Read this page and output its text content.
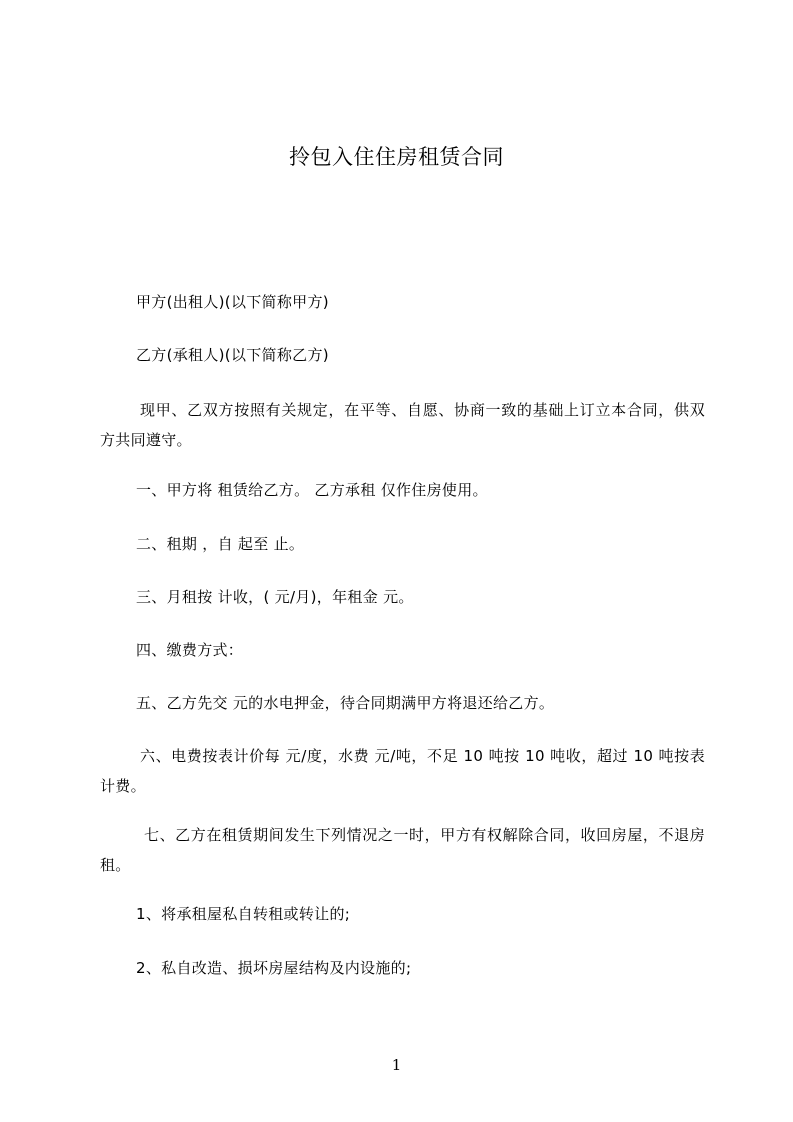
拎包入住住房租赁合同
甲方(出租人)(以下简称甲方)
乙方(承租人)(以下简称乙方)
现甲、乙双方按照有关规定，在平等、自愿、协商一致的基础上订立本合同，供双方共同遵守。
一、甲方将 租赁给乙方。 乙方承租 仅作住房使用。
二、租期 ，自 起至 止。
三、月租按 计收，( 元/月)，年租金 元。
四、缴费方式：
五、乙方先交 元的水电押金，待合同期满甲方将退还给乙方。
六、电费按表计价每 元/度，水费 元/吨，不足 10 吨按 10 吨收，超过 10 吨按表计费。
七、乙方在租赁期间发生下列情况之一时，甲方有权解除合同，收回房屋，不退房租。
1、将承租屋私自转租或转让的;
2、私自改造、损坏房屋结构及内设施的;
1
